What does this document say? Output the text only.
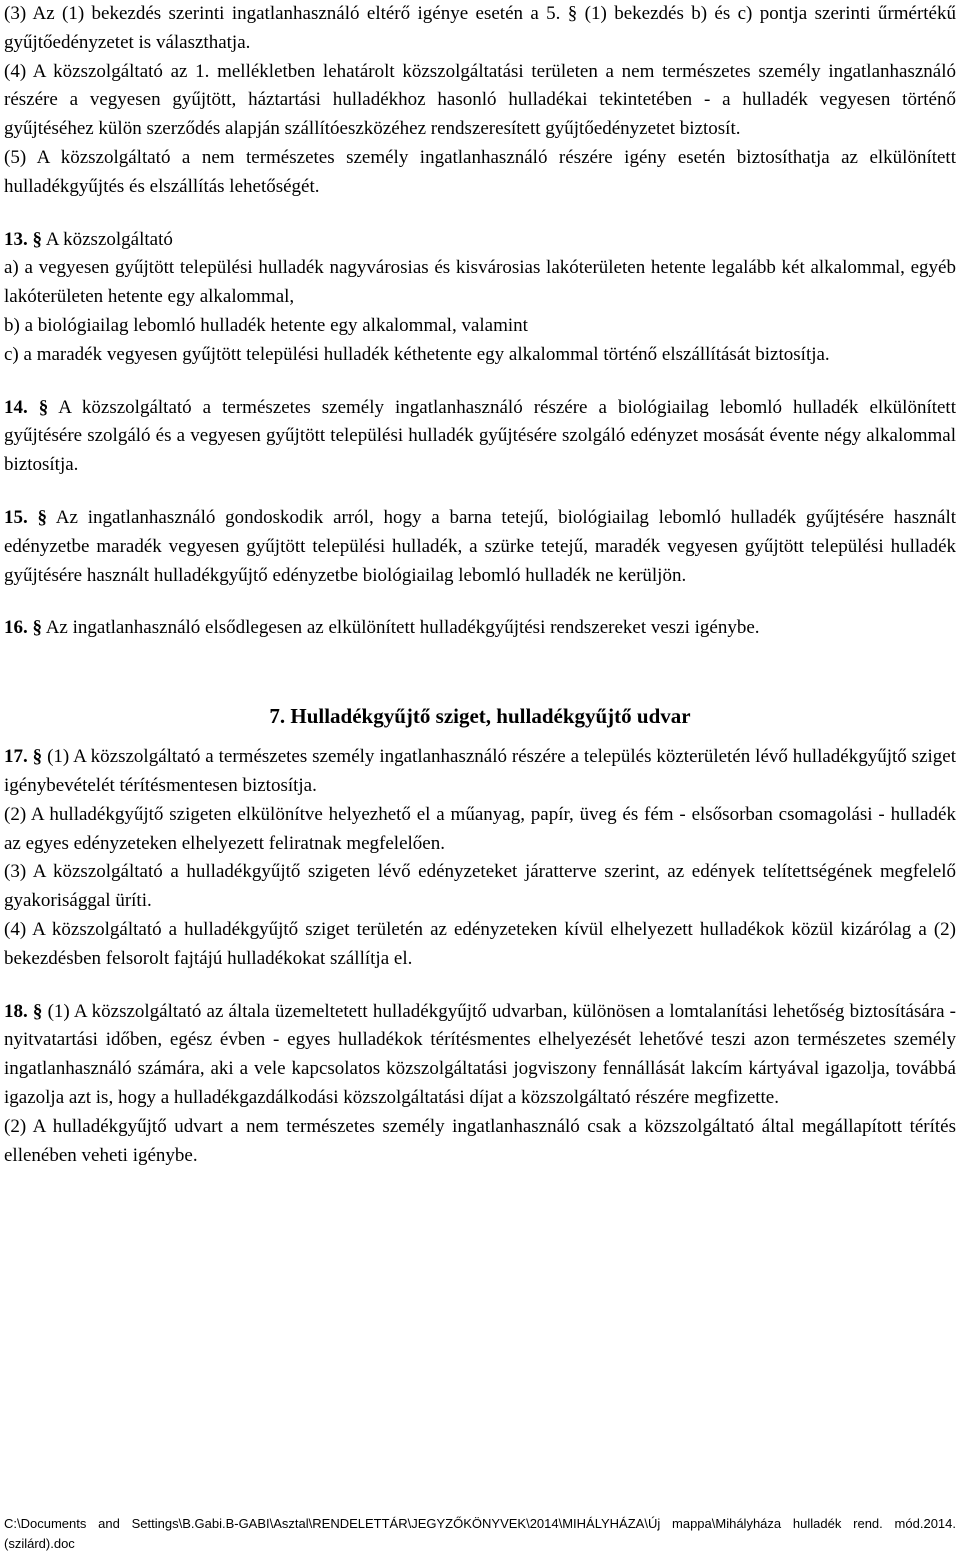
(3) Az (1) bekezdés szerinti ingatlanhasználó eltérő igénye esetén a 5. § (1) bekezdés b) és c) pontja szerinti űrmértékű gyűjtőedényzetet is választhatja.

(4) A közszolgáltató az 1. mellékletben lehatárolt közszolgáltatási területen a nem természetes személy ingatlanhasználó részére a vegyesen gyűjtött, háztartási hulladékhoz hasonló hulladékai tekintetében - a hulladék vegyesen történő gyűjtéséhez külön szerződés alapján szállítóeszközéhez rendszeresített gyűjtőedényzetet biztosít.

(5) A közszolgáltató a nem természetes személy ingatlanhasználó részére igény esetén biztosíthatja az elkülönített hulladékgyűjtés és elszállítás lehetőségét.

13. § A közszolgáltató

a) a vegyesen gyűjtött települési hulladék nagyvárosias és kisvárosias lakóterületen hetente legalább két alkalommal, egyéb lakóterületen hetente egy alkalommal,

b) a biológiailag lebomló hulladék hetente egy alkalommal, valamint

c) a maradék vegyesen gyűjtött települési hulladék kéthetente egy alkalommal történő elszállítását biztosítja.

14. § A közszolgáltató a természetes személy ingatlanhasználó részére a biológiailag lebomló hulladék elkülönített gyűjtésére szolgáló és a vegyesen gyűjtött települési hulladék gyűjtésére szolgáló edényzet mosását évente négy alkalommal biztosítja.

15. § Az ingatlanhasználó gondoskodik arról, hogy a barna tetejű, biológiailag lebomló hulladék gyűjtésére használt edényzetbe maradék vegyesen gyűjtött települési hulladék, a szürke tetejű, maradék vegyesen gyűjtött települési hulladék gyűjtésére használt hulladékgyűjtő edényzetbe biológiailag lebomló hulladék ne kerüljön.

16. § Az ingatlanhasználó elsődlegesen az elkülönített hulladékgyűjtési rendszereket veszi igénybe.

7. Hulladékgyűjtő sziget, hulladékgyűjtő udvar

17. § (1) A közszolgáltató a természetes személy ingatlanhasználó részére a település közterületén lévő hulladékgyűjtő sziget igénybevételét térítésmentesen biztosítja.

(2) A hulladékgyűjtő szigeten elkülönítve helyezhető el a műanyag, papír, üveg és fém - elsősorban csomagolási - hulladék az egyes edényzeteken elhelyezett feliratnak megfelelően.

(3) A közszolgáltató a hulladékgyűjtő szigeten lévő edényzeteket járatterve szerint, az edények telítettségének megfelelő gyakorisággal üríti.

(4) A közszolgáltató a hulladékgyűjtő sziget területén az edényzeteken kívül elhelyezett hulladékok közül kizárólag a (2) bekezdésben felsorolt fajtájú hulladékokat szállítja el.

18. § (1) A közszolgáltató az általa üzemeltetett hulladékgyűjtő udvarban, különösen a lomtalanítási lehetőség biztosítására - nyitvatartási időben, egész évben - egyes hulladékok térítésmentes elhelyezését lehetővé teszi azon természetes személy ingatlanhasználó számára, aki a vele kapcsolatos közszolgáltatási jogviszony fennállását lakcím kártyával igazolja, továbbá igazolja azt is, hogy a hulladékgazdálkodási közszolgáltatási díjat a közszolgáltató részére megfizette.

(2) A hulladékgyűjtő udvart a nem természetes személy ingatlanhasználó csak a közszolgáltató által megállapított térítés ellenében veheti igénybe.

C:\Documents and Settings\B.Gabi.B-GABI\Asztal\RENDELETTÁR\JEGYZŐKÖNYVEK\2014\MIHÁLYHÁZA\Új mappa\Mihályháza hulladék rend. mód.2014.(szilárd).doc
